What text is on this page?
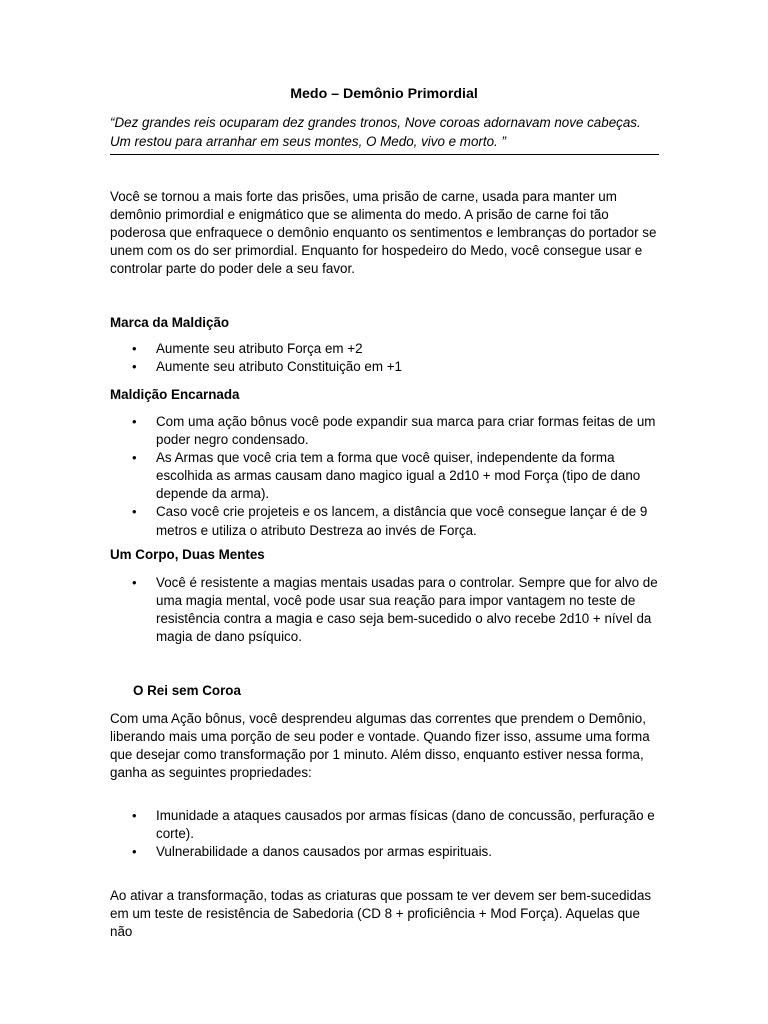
Medo – Demônio Primordial
“Dez grandes reis ocuparam dez grandes tronos, Nove coroas adornavam nove cabeças. Um restou para arranhar em seus montes, O Medo, vivo e morto. ”

Você se tornou a mais forte das prisões, uma prisão de carne, usada para manter um demônio primordial e enigmático que se alimenta do medo. A prisão de carne foi tão poderosa que enfraquece o demônio enquanto os sentimentos e lembranças do portador se unem com os do ser primordial. Enquanto for hospedeiro do Medo, você consegue usar e controlar parte do poder dele a seu favor.

Marca da Maldição

• Aumente seu atributo Força em +2
• Aumente seu atributo Constituição em +1

Maldição Encarnada

• Com uma ação bônus você pode expandir sua marca para criar formas feitas de um poder negro condensado.
• As Armas que você cria tem a forma que você quiser, independente da forma escolhida as armas causam dano magico igual a 2d10 + mod Força (tipo de dano depende da arma).
• Caso você crie projeteis e os lancem, a distância que você consegue lançar é de 9 metros e utiliza o atributo Destreza ao invés de Força.

Um Corpo, Duas Mentes

• Você é resistente a magias mentais usadas para o controlar. Sempre que for alvo de uma magia mental, você pode usar sua reação para impor vantagem no teste de resistência contra a magia e caso seja bem-sucedido o alvo recebe 2d10 + nível da magia de dano psíquico.

O Rei sem Coroa

Com uma Ação bônus, você desprendeu algumas das correntes que prendem o Demônio, liberando mais uma porção de seu poder e vontade. Quando fizer isso, assume uma forma que desejar como transformação por 1 minuto. Além disso, enquanto estiver nessa forma, ganha as seguintes propriedades:

• Imunidade a ataques causados por armas físicas (dano de concussão, perfuração e corte).
• Vulnerabilidade a danos causados por armas espirituais.

Ao ativar a transformação, todas as criaturas que possam te ver devem ser bem-sucedidas em um teste de resistência de Sabedoria (CD 8 + proficiência + Mod Força). Aquelas que não
